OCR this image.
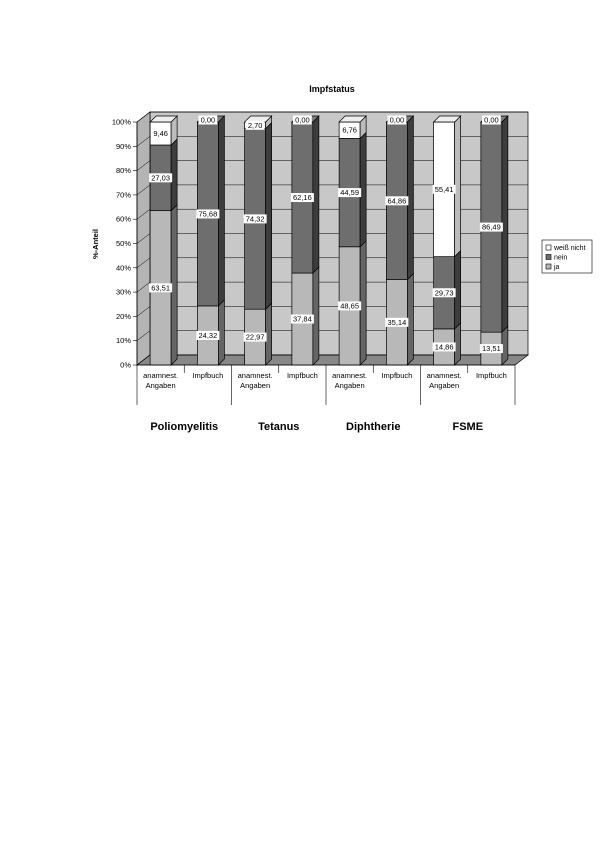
Impfstatus
0%
10%
20%
30%
40%
50%
60%
70%
80%
90%
100%
%-Anteil
63,51
27,03
9,46
24,32
75,68
0,00
22,97
74,32
2,70
37,84
62,16
0,00
48,65
44,59
6,76
35,14
64,86
0,00
14,86
29,73
55,41
13,51
86,49
0,00
anamnest.
Angaben
Impfbuch anamnest.
Angaben
Impfbuch anamnest.
Angaben
Impfbuch anamnest.
Angaben
Impfbuch
Poliomyelitis	Tetanus	Diphtherie	FSME
weiß nicht
nein
ja
